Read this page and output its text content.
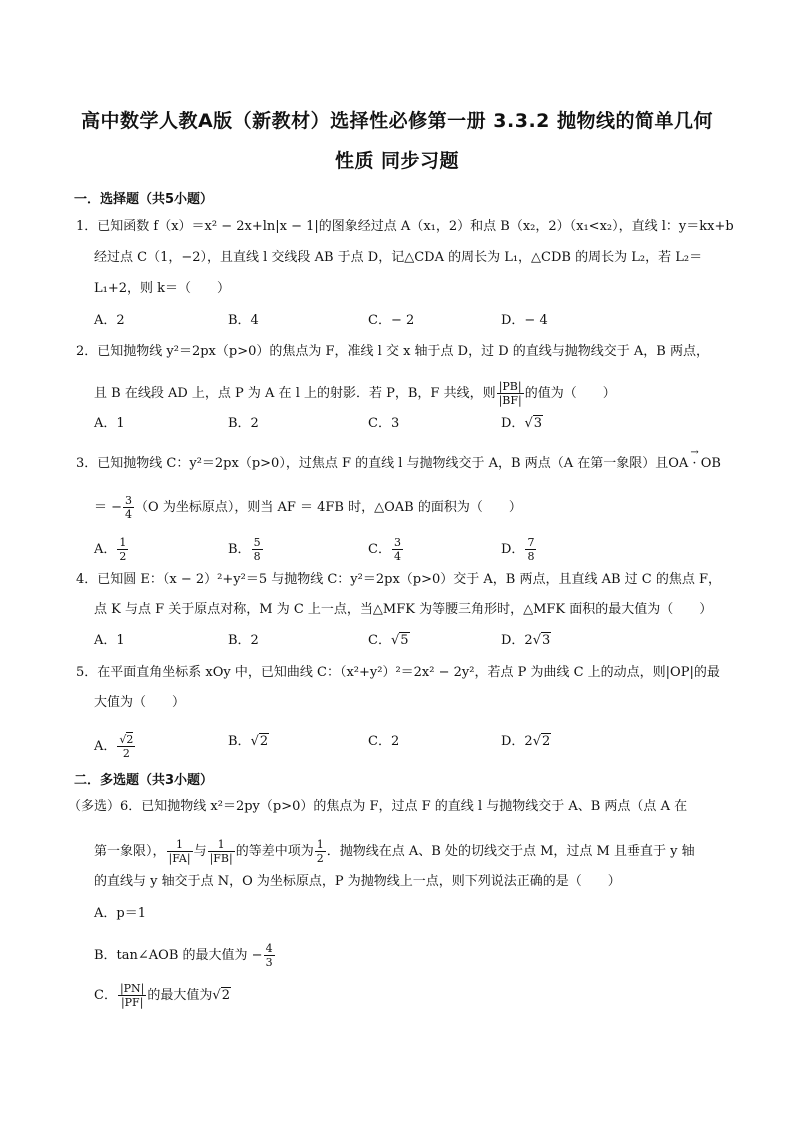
高中数学人教A版（新教材）选择性必修第一册 3.3.2 抛物线的简单几何
性质 同步习题
一．选择题（共5小题）
1．已知函数 f（x）＝x² − 2x+ln|x − 1|的图象经过点 A（x₁，2）和点 B（x₂，2）（x₁<x₂），直线 l：y＝kx+b
经过点 C（1，−2），且直线 l 交线段 AB 于点 D，记△CDA 的周长为 L₁，△CDB 的周长为 L₂，若 L₂＝
L₁+2，则 k＝（　　）
A．2	B．4	C．− 2	D．− 4
2．已知抛物线 y²＝2px（p>0）的焦点为 F，准线 l 交 x 轴于点 D，过 D 的直线与抛物线交于 A，B 两点，
且 B 在线段 AD 上，点 P 为 A 在 l 上的射影．若 P，B，F 共线，则 $\frac{|PB|}{|BF|}$ 的值为（　　）
A．1	B．2	C．3	D．√3
3．已知抛物线 C：y²＝2px（p>0），过焦点 F 的直线 l 与抛物线交于 A，B 两点（A 在第一象限）且→ OA · OB
＝ − $\frac{3}{4} (O$ 为坐标原点），则当 AF ＝ 4FB 时，△OAB 的面积为（　　）
A． $\frac{1}{2}$	B． $\frac{5}{8}$	C． $\frac{3}{4}$	D． $\frac{7}{8}$
4．已知圆 E：（x − 2）²+y²＝5 与抛物线 C：y²＝2px（p>0）交于 A，B 两点，且直线 AB 过 C 的焦点 F，
点 K 与点 F 关于原点对称，M 为 C 上一点，当△MFK 为等腰三角形时，△MFK 面积的最大值为（　　）
A．1	B．2	C．√5	D．2√3
5．在平面直角坐标系 xOy 中，已知曲线 C：（x²+y²）²＝2x² − 2y²，若点 P 为曲线 C 上的动点，则|OP|的最
大值为（　　）
A． $\frac{√2}{2}$	B．√2	C．2	D．2√2
二．多选题（共3小题）
（多选）6．已知抛物线 x²＝2py（p>0）的焦点为 F，过点 F 的直线 l 与抛物线交于 A、B 两点（点 A 在
第一象限）， $\frac{1}{|FA|}$ 与 $\frac{1}{|FB|}$ 的等差中项为 $\frac{1}{2}$ ．抛物线在点 A、B 处的切线交于点 M，过点 M 且垂直于 y 轴
的直线与 y 轴交于点 N，O 为坐标原点，P 为抛物线上一点，则下列说法正确的是（　　）
A．p＝1
B．tan∠AOB 的最大值为 − $\frac{4}{3}$
C． $\frac{|PN|}{|PF|}$ 的最大值为√2
